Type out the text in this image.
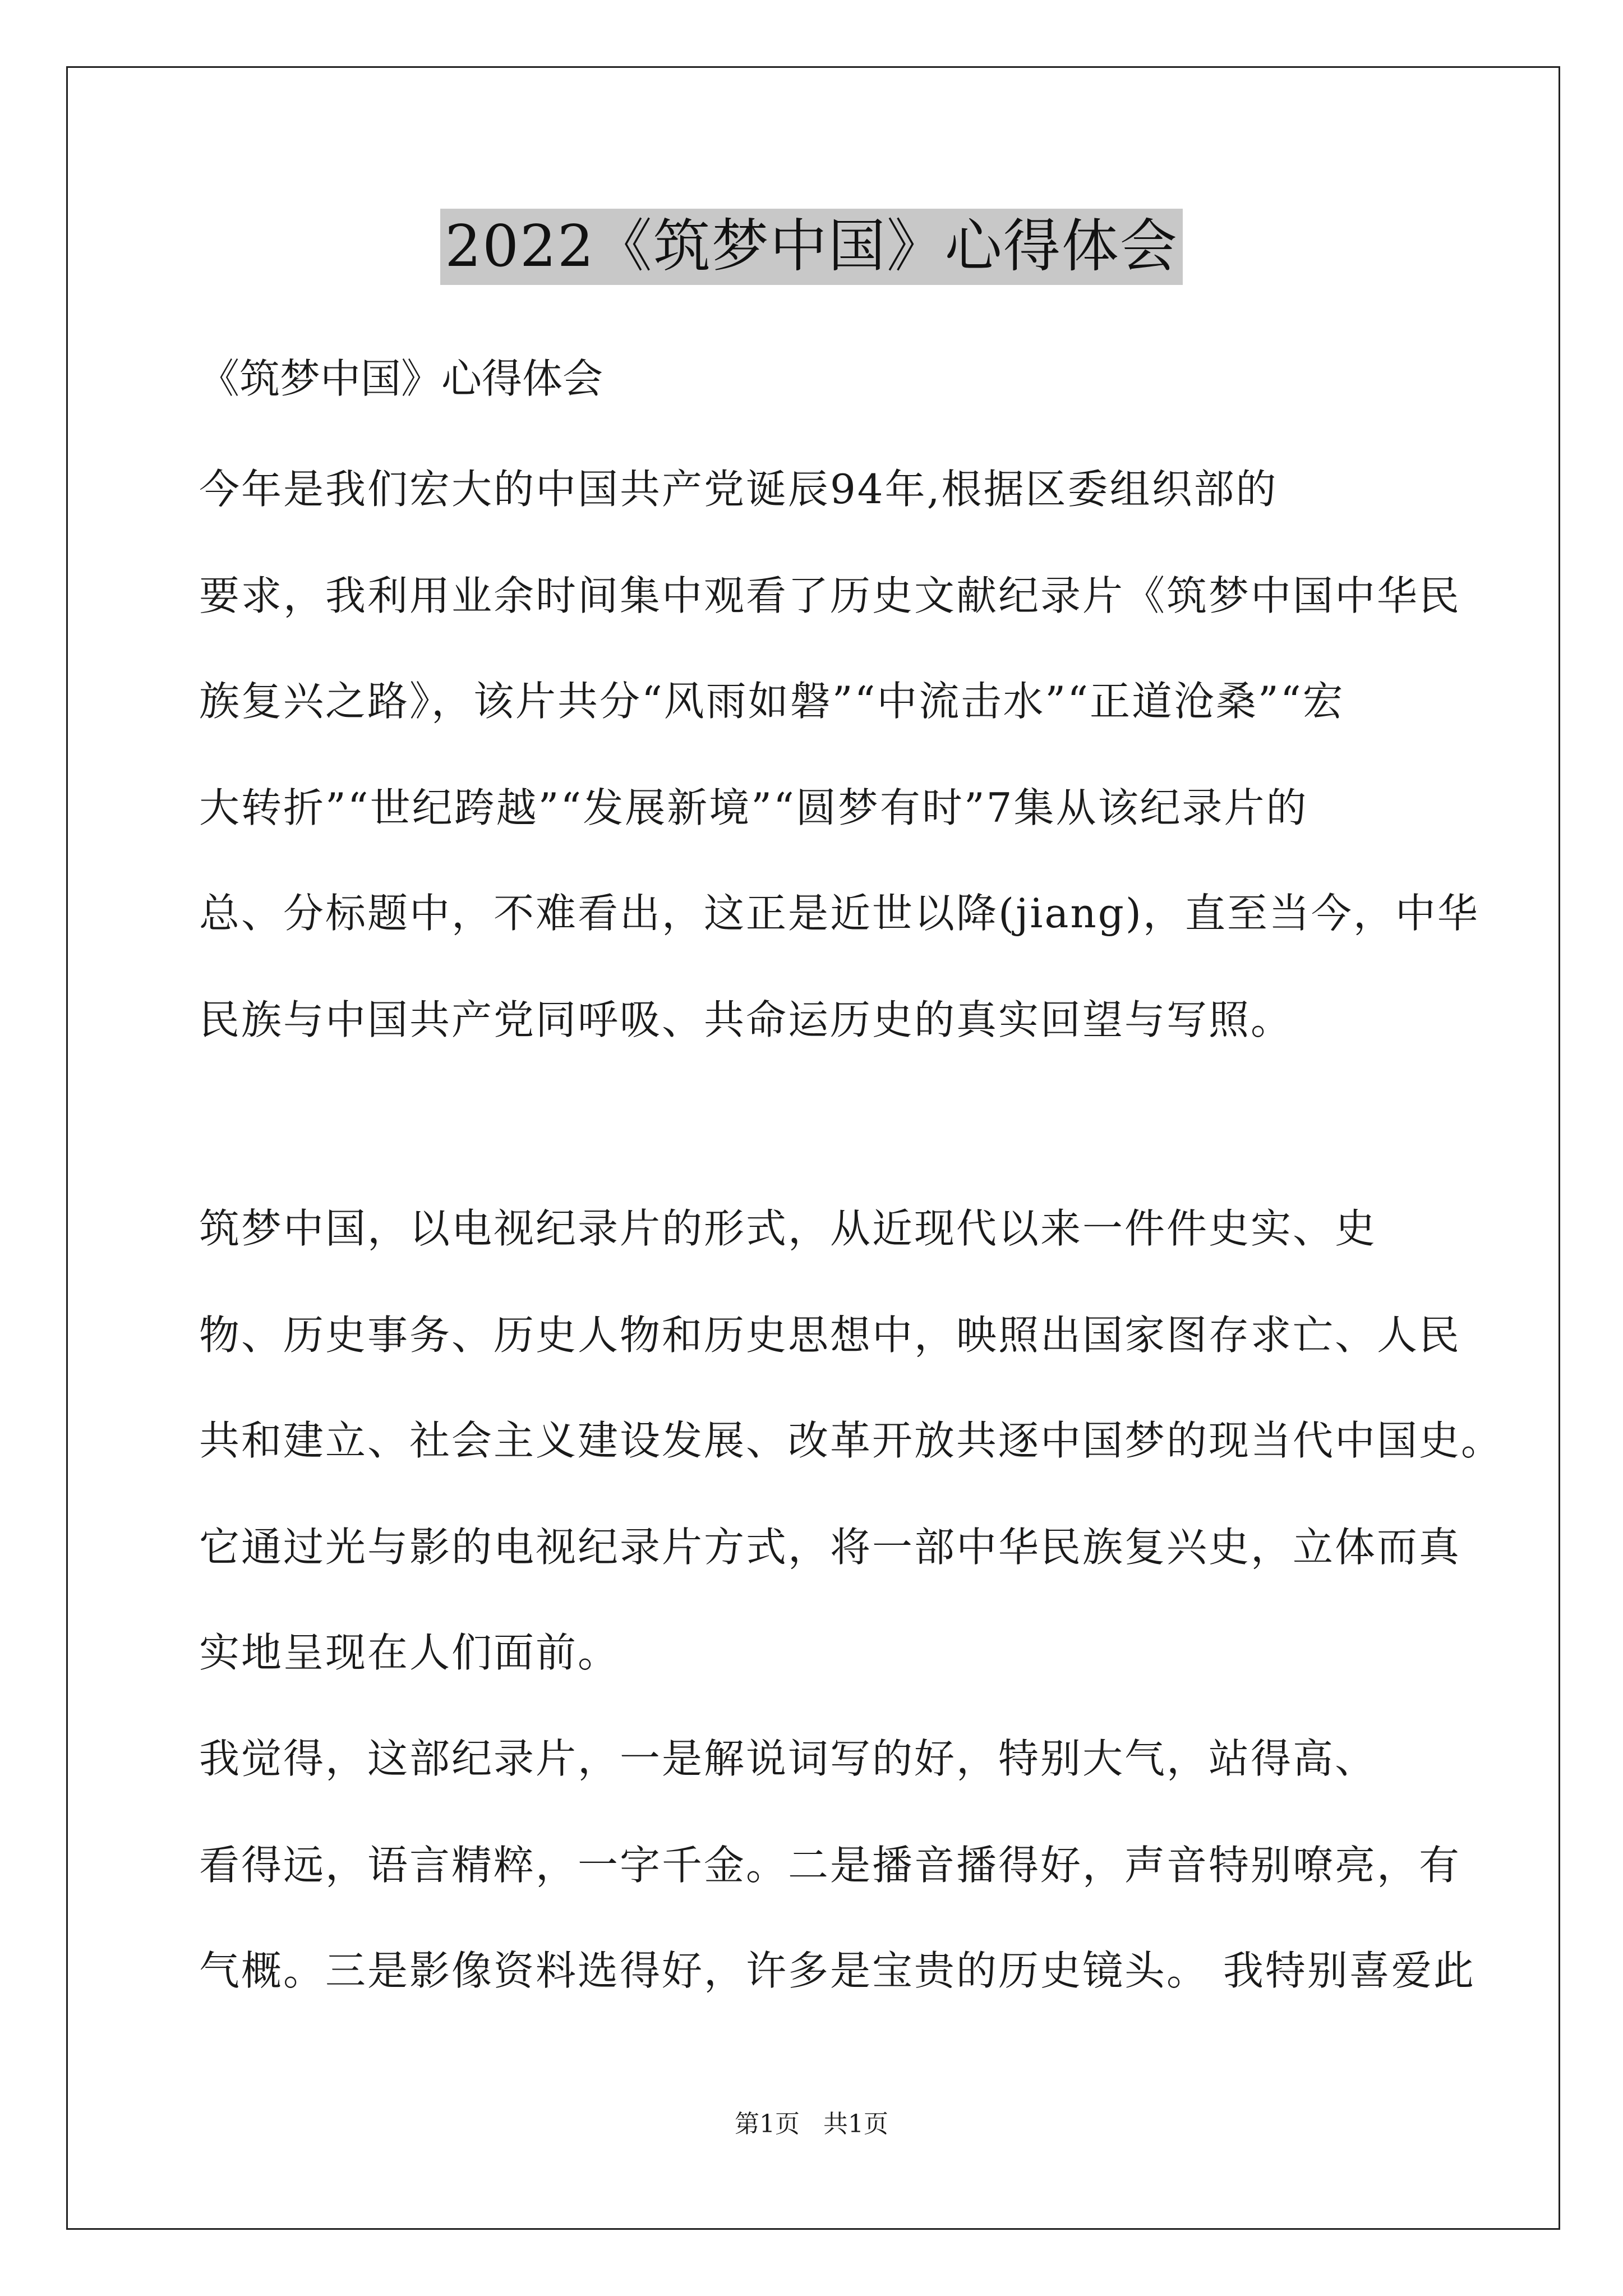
2022《筑梦中国》心得体会
《筑梦中国》心得体会
今年是我们宏大的中国共产党诞辰94年,根据区委组织部的
要求，我利用业余时间集中观看了历史文献纪录片《筑梦中国中华民
族复兴之路》，该片共分“风雨如磐”“中流击水”“正道沧桑”“宏
大转折”“世纪跨越”“发展新境”“圆梦有时”7集从该纪录片的
总、分标题中，不难看出，这正是近世以降(jiang)，直至当今，中华
民族与中国共产党同呼吸、共命运历史的真实回望与写照。
筑梦中国，以电视纪录片的形式，从近现代以来一件件史实、史
物、历史事务、历史人物和历史思想中，映照出国家图存求亡、人民
共和建立、社会主义建设发展、改革开放共逐中国梦的现当代中国史。
它通过光与影的电视纪录片方式，将一部中华民族复兴史，立体而真
实地呈现在人们面前。
我觉得，这部纪录片，一是解说词写的好，特别大气，站得高、
看得远，语言精粹，一字千金。二是播音播得好，声音特别嘹亮，有
气概。三是影像资料选得好，许多是宝贵的历史镜头。 我特别喜爱此
第1页   共1页
